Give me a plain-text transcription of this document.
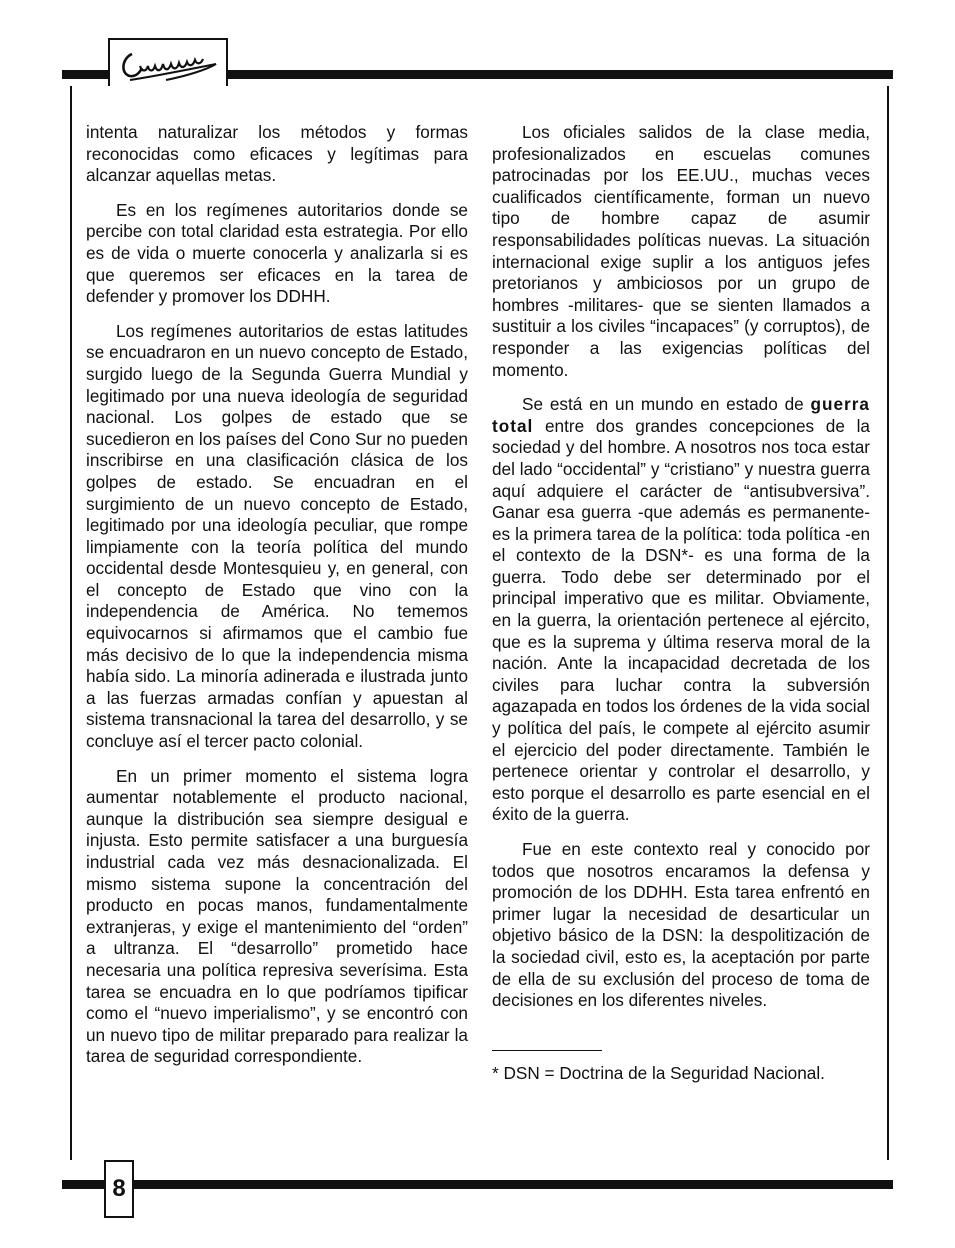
intenta naturalizar los métodos y formas reconocidas como eficaces y legítimas para alcanzar aquellas metas.

Es en los regímenes autoritarios donde se percibe con total claridad esta estrategia. Por ello es de vida o muerte conocerla y analizarla si es que queremos ser eficaces en la tarea de defender y promover los DDHH.

Los regímenes autoritarios de estas latitudes se encuadraron en un nuevo concepto de Estado, surgido luego de la Segunda Guerra Mundial y legitimado por una nueva ideología de seguridad nacional. Los golpes de estado que se sucedieron en los países del Cono Sur no pueden inscribirse en una clasificación clásica de los golpes de estado. Se encuadran en el surgimiento de un nuevo concepto de Estado, legitimado por una ideología peculiar, que rompe limpiamente con la teoría política del mundo occidental desde Montesquieu y, en general, con el concepto de Estado que vino con la independencia de América. No tememos equivocarnos si afirmamos que el cambio fue más decisivo de lo que la independencia misma había sido. La minoría adinerada e ilustrada junto a las fuerzas armadas confían y apuestan al sistema transnacional la tarea del desarrollo, y se concluye así el tercer pacto colonial.

En un primer momento el sistema logra aumentar notablemente el producto nacional, aunque la distribución sea siempre desigual e injusta. Esto permite satisfacer a una burguesía industrial cada vez más desnacionalizada. El mismo sistema supone la concentración del producto en pocas manos, fundamentalmente extranjeras, y exige el mantenimiento del “orden” a ultranza. El “desarrollo” prometido hace necesaria una política represiva severísima. Esta tarea se encuadra en lo que podríamos tipificar como el “nuevo imperialismo”, y se encontró con un nuevo tipo de militar preparado para realizar la tarea de seguridad correspondiente.

Los oficiales salidos de la clase media, profesionalizados en escuelas comunes patrocinadas por los EE.UU., muchas veces cualificados científicamente, forman un nuevo tipo de hombre capaz de asumir responsabilidades políticas nuevas. La situación internacional exige suplir a los antiguos jefes pretorianos y ambiciosos por un grupo de hombres -militares- que se sienten llamados a sustituir a los civiles “incapaces” (y corruptos), de responder a las exigencias políticas del momento.

Se está en un mundo en estado de guerra total entre dos grandes concepciones de la sociedad y del hombre. A nosotros nos toca estar del lado “occidental” y “cristiano” y nuestra guerra aquí adquiere el carácter de “antisubversiva”. Ganar esa guerra -que además es permanente- es la primera tarea de la política: toda política -en el contexto de la DSN*- es una forma de la guerra. Todo debe ser determinado por el principal imperativo que es militar. Obviamente, en la guerra, la orientación pertenece al ejército, que es la suprema y última reserva moral de la nación. Ante la incapacidad decretada de los civiles para luchar contra la subversión agazapada en todos los órdenes de la vida social y política del país, le compete al ejército asumir el ejercicio del poder directamente. También le pertenece orientar y controlar el desarrollo, y esto porque el desarrollo es parte esencial en el éxito de la guerra.

Fue en este contexto real y conocido por todos que nosotros encaramos la defensa y promoción de los DDHH. Esta tarea enfrentó en primer lugar la necesidad de desarticular un objetivo básico de la DSN: la despolitización de la sociedad civil, esto es, la aceptación por parte de ella de su exclusión del proceso de toma de decisiones en los diferentes niveles.

* DSN = Doctrina de la Seguridad Nacional.

8
